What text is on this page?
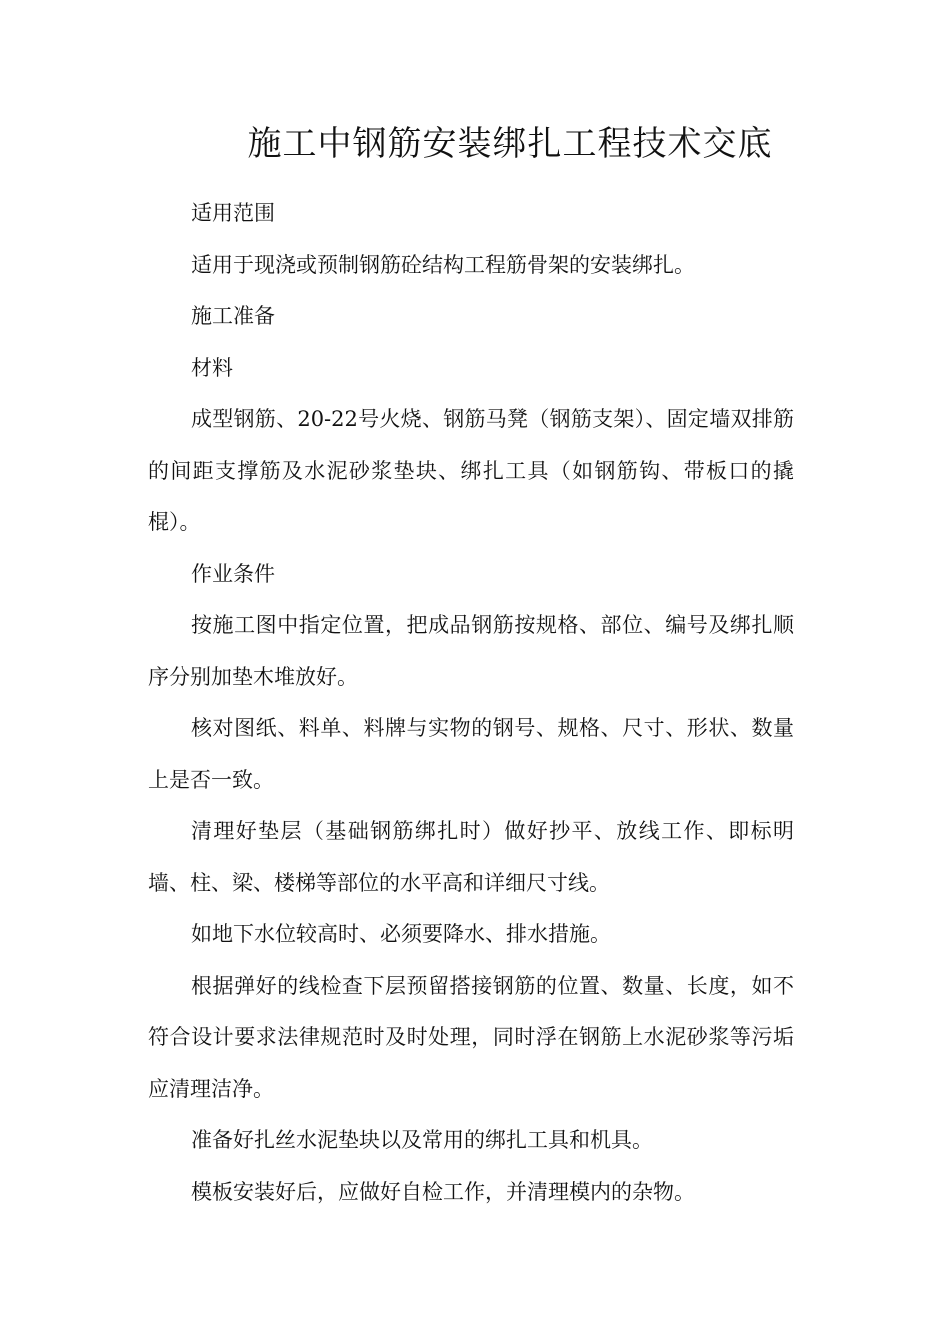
施工中钢筋安装绑扎工程技术交底

适用范围

适用于现浇或预制钢筋砼结构工程筋骨架的安装绑扎。

施工准备

材料

成型钢筋、20-22号火烧、钢筋马凳（钢筋支架）、固定墙双排筋的间距支撑筋及水泥砂浆垫块、绑扎工具（如钢筋钩、带板口的撬棍）。

作业条件

按施工图中指定位置，把成品钢筋按规格、部位、编号及绑扎顺序分别加垫木堆放好。

核对图纸、料单、料牌与实物的钢号、规格、尺寸、形状、数量上是否一致。

清理好垫层（基础钢筋绑扎时）做好抄平、放线工作、即标明墙、柱、梁、楼梯等部位的水平高和详细尺寸线。

如地下水位较高时、必须要降水、排水措施。

根据弹好的线检查下层预留搭接钢筋的位置、数量、长度，如不符合设计要求法律规范时及时处理，同时浮在钢筋上水泥砂浆等污垢应清理洁净。

准备好扎丝水泥垫块以及常用的绑扎工具和机具。

模板安装好后，应做好自检工作，并清理模内的杂物。
